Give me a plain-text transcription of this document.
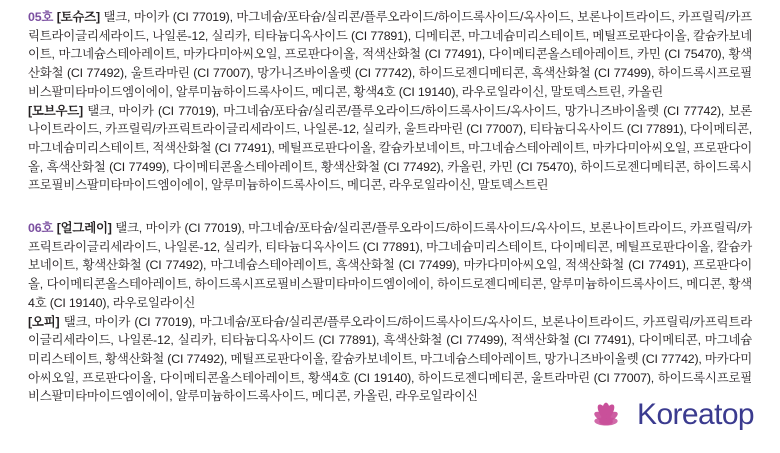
05호 [토슈즈] 탤크, 마이카 (CI 77019), 마그네슘/포타슘/실리콘/플루오라이드/하이드록사이드/옥사이드, 보론나이트라이드, 카프릴릭/카프릭트라이글리세라이드, 나일론-12, 실리카, 티타늄디옥사이드 (CI 77891), 디메티콘, 마그네슘미리스테이트, 메틸프로판다이올, 칼슘카보네이트, 마그네슘스테아레이트, 마카다미아씨오일, 프로판다이올, 적색산화철 (CI 77491), 다이메티콘올스테아레이트, 카민 (CI 75470), 황색산화철 (CI 77492), 울트라마린 (CI 77007), 망가니즈바이올렛 (CI 77742), 하이드로젠디메티콘, 흑색산화철 (CI 77499), 하이드록시프로필비스팔미타마이드엠이에이, 알루미늄하이드록사이드, 메디콘, 황색4호 (CI 19140), 라우로일라이신, 말토덱스트린, 카올린

[모브우드] 탤크, 마이카 (CI 77019), 마그네슘/포타슘/실리콘/플루오라이드/하이드록사이드/옥사이드, 망가니즈바이올렛 (CI 77742), 보론나이트라이드, 카프릴릭/카프릭트라이글리세라이드, 나일론-12, 실리카, 울트라마린 (CI 77007), 티타늄디옥사이드 (CI 77891), 다이메티콘, 마그네슘미리스테이트, 적색산화철 (CI 77491), 메틸프로판다이올, 칼슘카보네이트, 마그네슘스테아레이트, 마카다미아씨오일, 프로판다이올, 흑색산화철 (CI 77499), 다이메티콘올스테아레이트, 황색산화철 (CI 77492), 카올린, 카민 (CI 75470), 하이드로젠디메티콘, 하이드록시프로필비스팔미타마이드엠이에이, 알루미늄하이드록사이드, 메디콘, 라우로일라이신, 말토덱스트린

06호 [얼그레이] 탤크, 마이카 (CI 77019), 마그네슘/포타슘/실리콘/플루오라이드/하이드록사이드/옥사이드, 보론나이트라이드, 카프릴릭/카프릭트라이글리세라이드, 나일론-12, 실리카, 티타늄디옥사이드 (CI 77891), 마그네슘미리스테이트, 다이메티콘, 메틸프로판다이올, 칼슘카보네이트, 황색산화철 (CI 77492), 마그네슘스테아레이트, 흑색산화철 (CI 77499), 마카다미아씨오일, 적색산화철 (CI 77491), 프로판다이올, 다이메티콘올스테아레이트, 하이드록시프로필비스팔미타마이드엠이에이, 하이드로젠디메티콘, 알루미늄하이드록사이드, 메디콘, 황색4호 (CI 19140), 라우로일라이신

[오피] 탤크, 마이카 (CI 77019), 마그네슘/포타슘/실리콘/플루오라이드/하이드록사이드/옥사이드, 보론나이트라이드, 카프릴릭/카프릭트라이글리세라이드, 나일론-12, 실리카, 티타늄디옥사이드 (CI 77891), 흑색산화철 (CI 77499), 적색산화철 (CI 77491), 다이메티콘, 마그네슘미리스테이트, 황색산화철 (CI 77492), 메틸프로판다이올, 칼슘카보네이트, 마그네슘스테아레이트, 망가니즈바이올렛 (CI 77742), 마카다미아씨오일, 프로판다이올, 다이메티콘올스테아레이트, 황색4호 (CI 19140), 하이드로젠디메티콘, 울트라마린 (CI 77007), 하이드록시프로필비스팔미타마이드엠이에이, 알루미늄하이드록사이드, 메디콘, 카올린, 라우로일라이신

Koreatop
